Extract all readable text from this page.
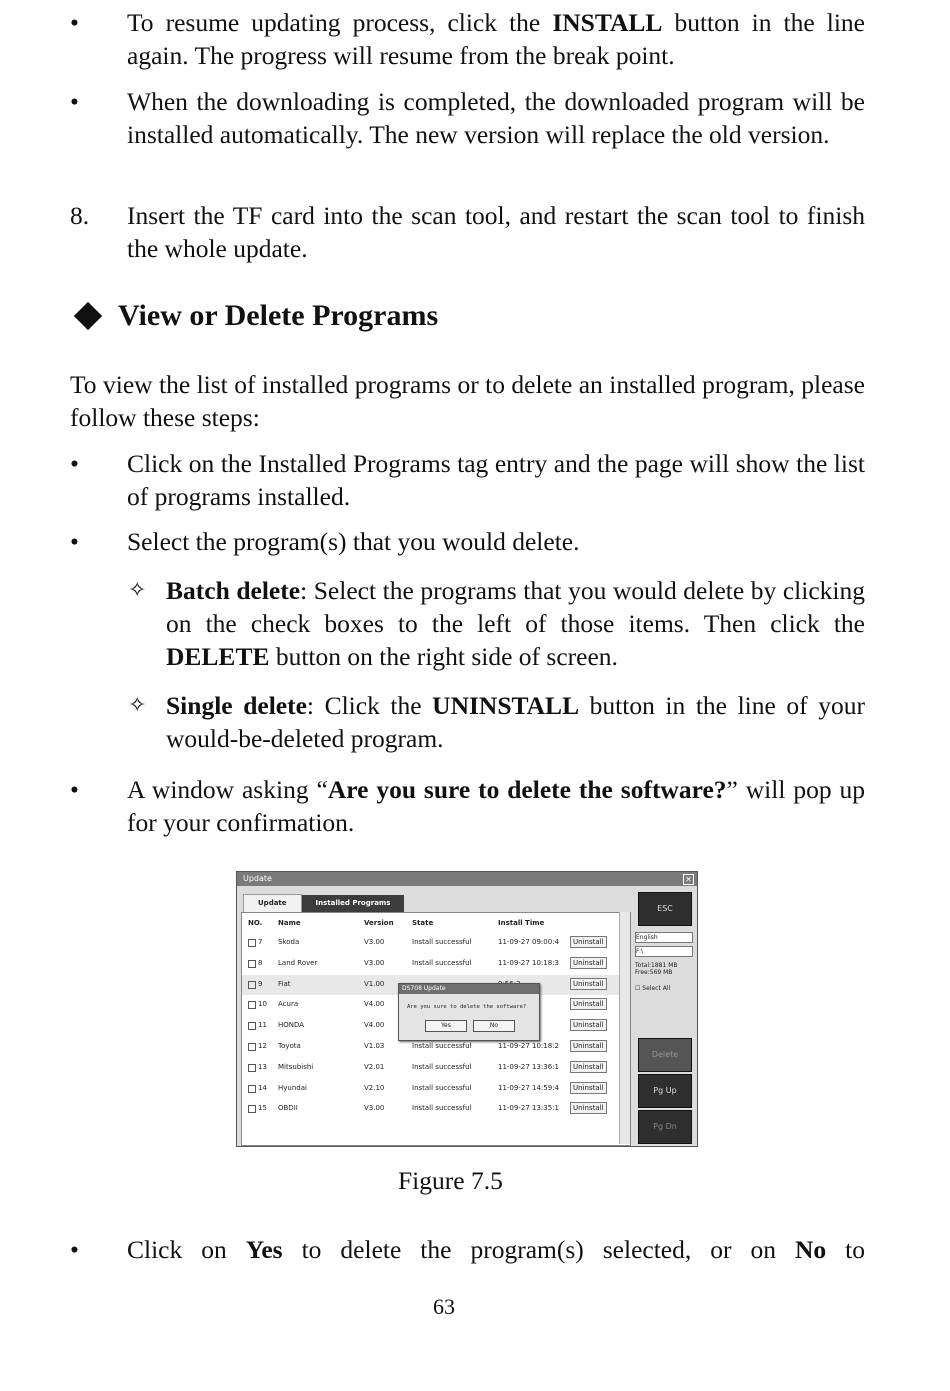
•	To resume updating process, click the INSTALL button in the line again. The progress will resume from the break point.
•	When the downloading is completed, the downloaded program will be installed automatically. The new version will replace the old version.
8. Insert the TF card into the scan tool, and restart the scan tool to finish the whole update.
View or Delete Programs
To view the list of installed programs or to delete an installed program, please follow these steps:
•	Click on the Installed Programs tag entry and the page will show the list of programs installed.
•	Select the program(s) that you would delete.
✧ Batch delete: Select the programs that you would delete by clicking on the check boxes to the left of those items. Then click the DELETE button on the right side of screen.
✧ Single delete: Click the UNINSTALL button in the line of your would-be-deleted program.
•	A window asking “Are you sure to delete the software?” will pop up for your confirmation.
Update	✕
Update	Installed Programs
NO. Name	Version	State	Install Time
7 Skoda	V3.00	Install successful	11-09-27 09:00:4	Uninstall
8 Land Rover	V3.00	Install successful	11-09-27 10:18:3	Uninstall
9 Fiat	V1.00	Uninstall
10 Acura	V4.00	Uninstall
11 HONDA	V4.00	Uninstall
12 Toyota	V1.03	Install successful	11-09-27 10:18:2	Uninstall
13 Mitsubishi	V2.01	Install successful	11-09-27 13:36:1	Uninstall
14 Hyundai	V2.10	Install successful	11-09-27 14:59:4	Uninstall
15 OBDII	V3.00	Install successful	11-09-27 13:35:1	Uninstall
DS708 Update
Are you sure to delete the software?
Yes	No
ESC
English
F:\
Total:1881 MB
Free:569 MB
☐ Select All
Delete
Pg Up
Pg Dn
Figure 7.5
•	Click on Yes to delete the program(s) selected, or on No to
63
